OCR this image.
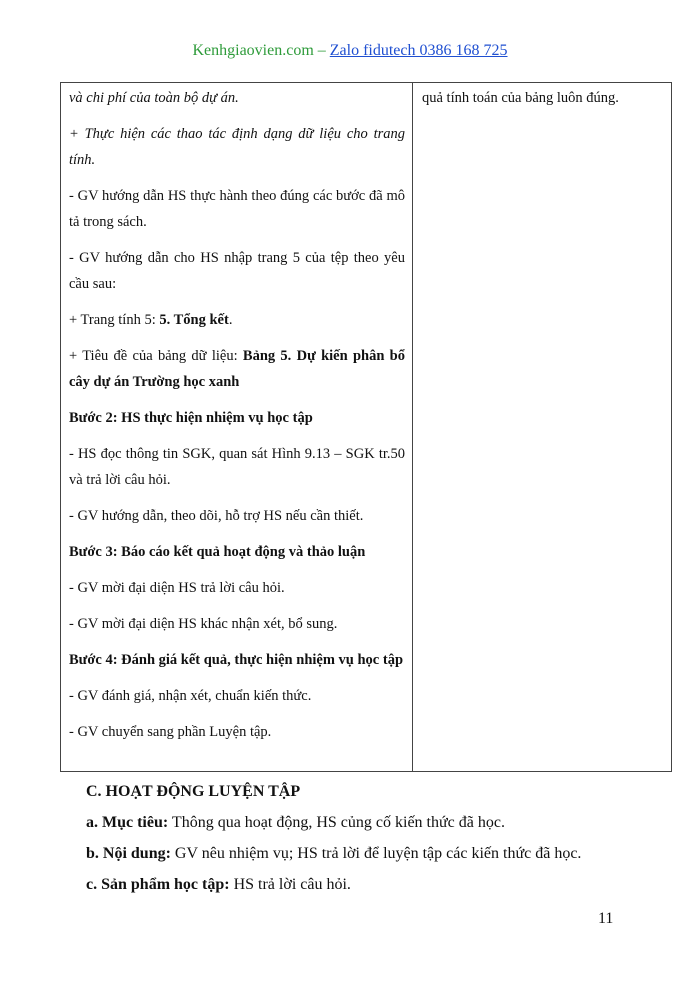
Kenhgiaovien.com – Zalo fidutech 0386 168 725

và chi phí của toàn bộ dự án.

+ Thực hiện các thao tác định dạng dữ liệu cho trang tính.

- GV hướng dẫn HS thực hành theo đúng các bước đã mô tả trong sách.

- GV hướng dẫn cho HS nhập trang 5 của tệp theo yêu cầu sau:

+ Trang tính 5: 5. Tổng kết.

+ Tiêu đề của bảng dữ liệu: Bảng 5. Dự kiến phân bổ cây dự án Trường học xanh

Bước 2: HS thực hiện nhiệm vụ học tập

- HS đọc thông tin SGK, quan sát Hình 9.13 – SGK tr.50 và trả lời câu hỏi.

- GV hướng dẫn, theo dõi, hỗ trợ HS nếu cần thiết.

Bước 3: Báo cáo kết quả hoạt động và thảo luận

- GV mời đại diện HS trả lời câu hỏi.

- GV mời đại diện HS khác nhận xét, bổ sung.

Bước 4: Đánh giá kết quả, thực hiện nhiệm vụ học tập

- GV đánh giá, nhận xét, chuẩn kiến thức.

- GV chuyển sang phần Luyện tập.

quả tính toán của bảng luôn đúng.

C. HOẠT ĐỘNG LUYỆN TẬP
a. Mục tiêu: Thông qua hoạt động, HS củng cố kiến thức đã học.
b. Nội dung: GV nêu nhiệm vụ; HS trả lời để luyện tập các kiến thức đã học.
c. Sản phẩm học tập: HS trả lời câu hỏi.
11
